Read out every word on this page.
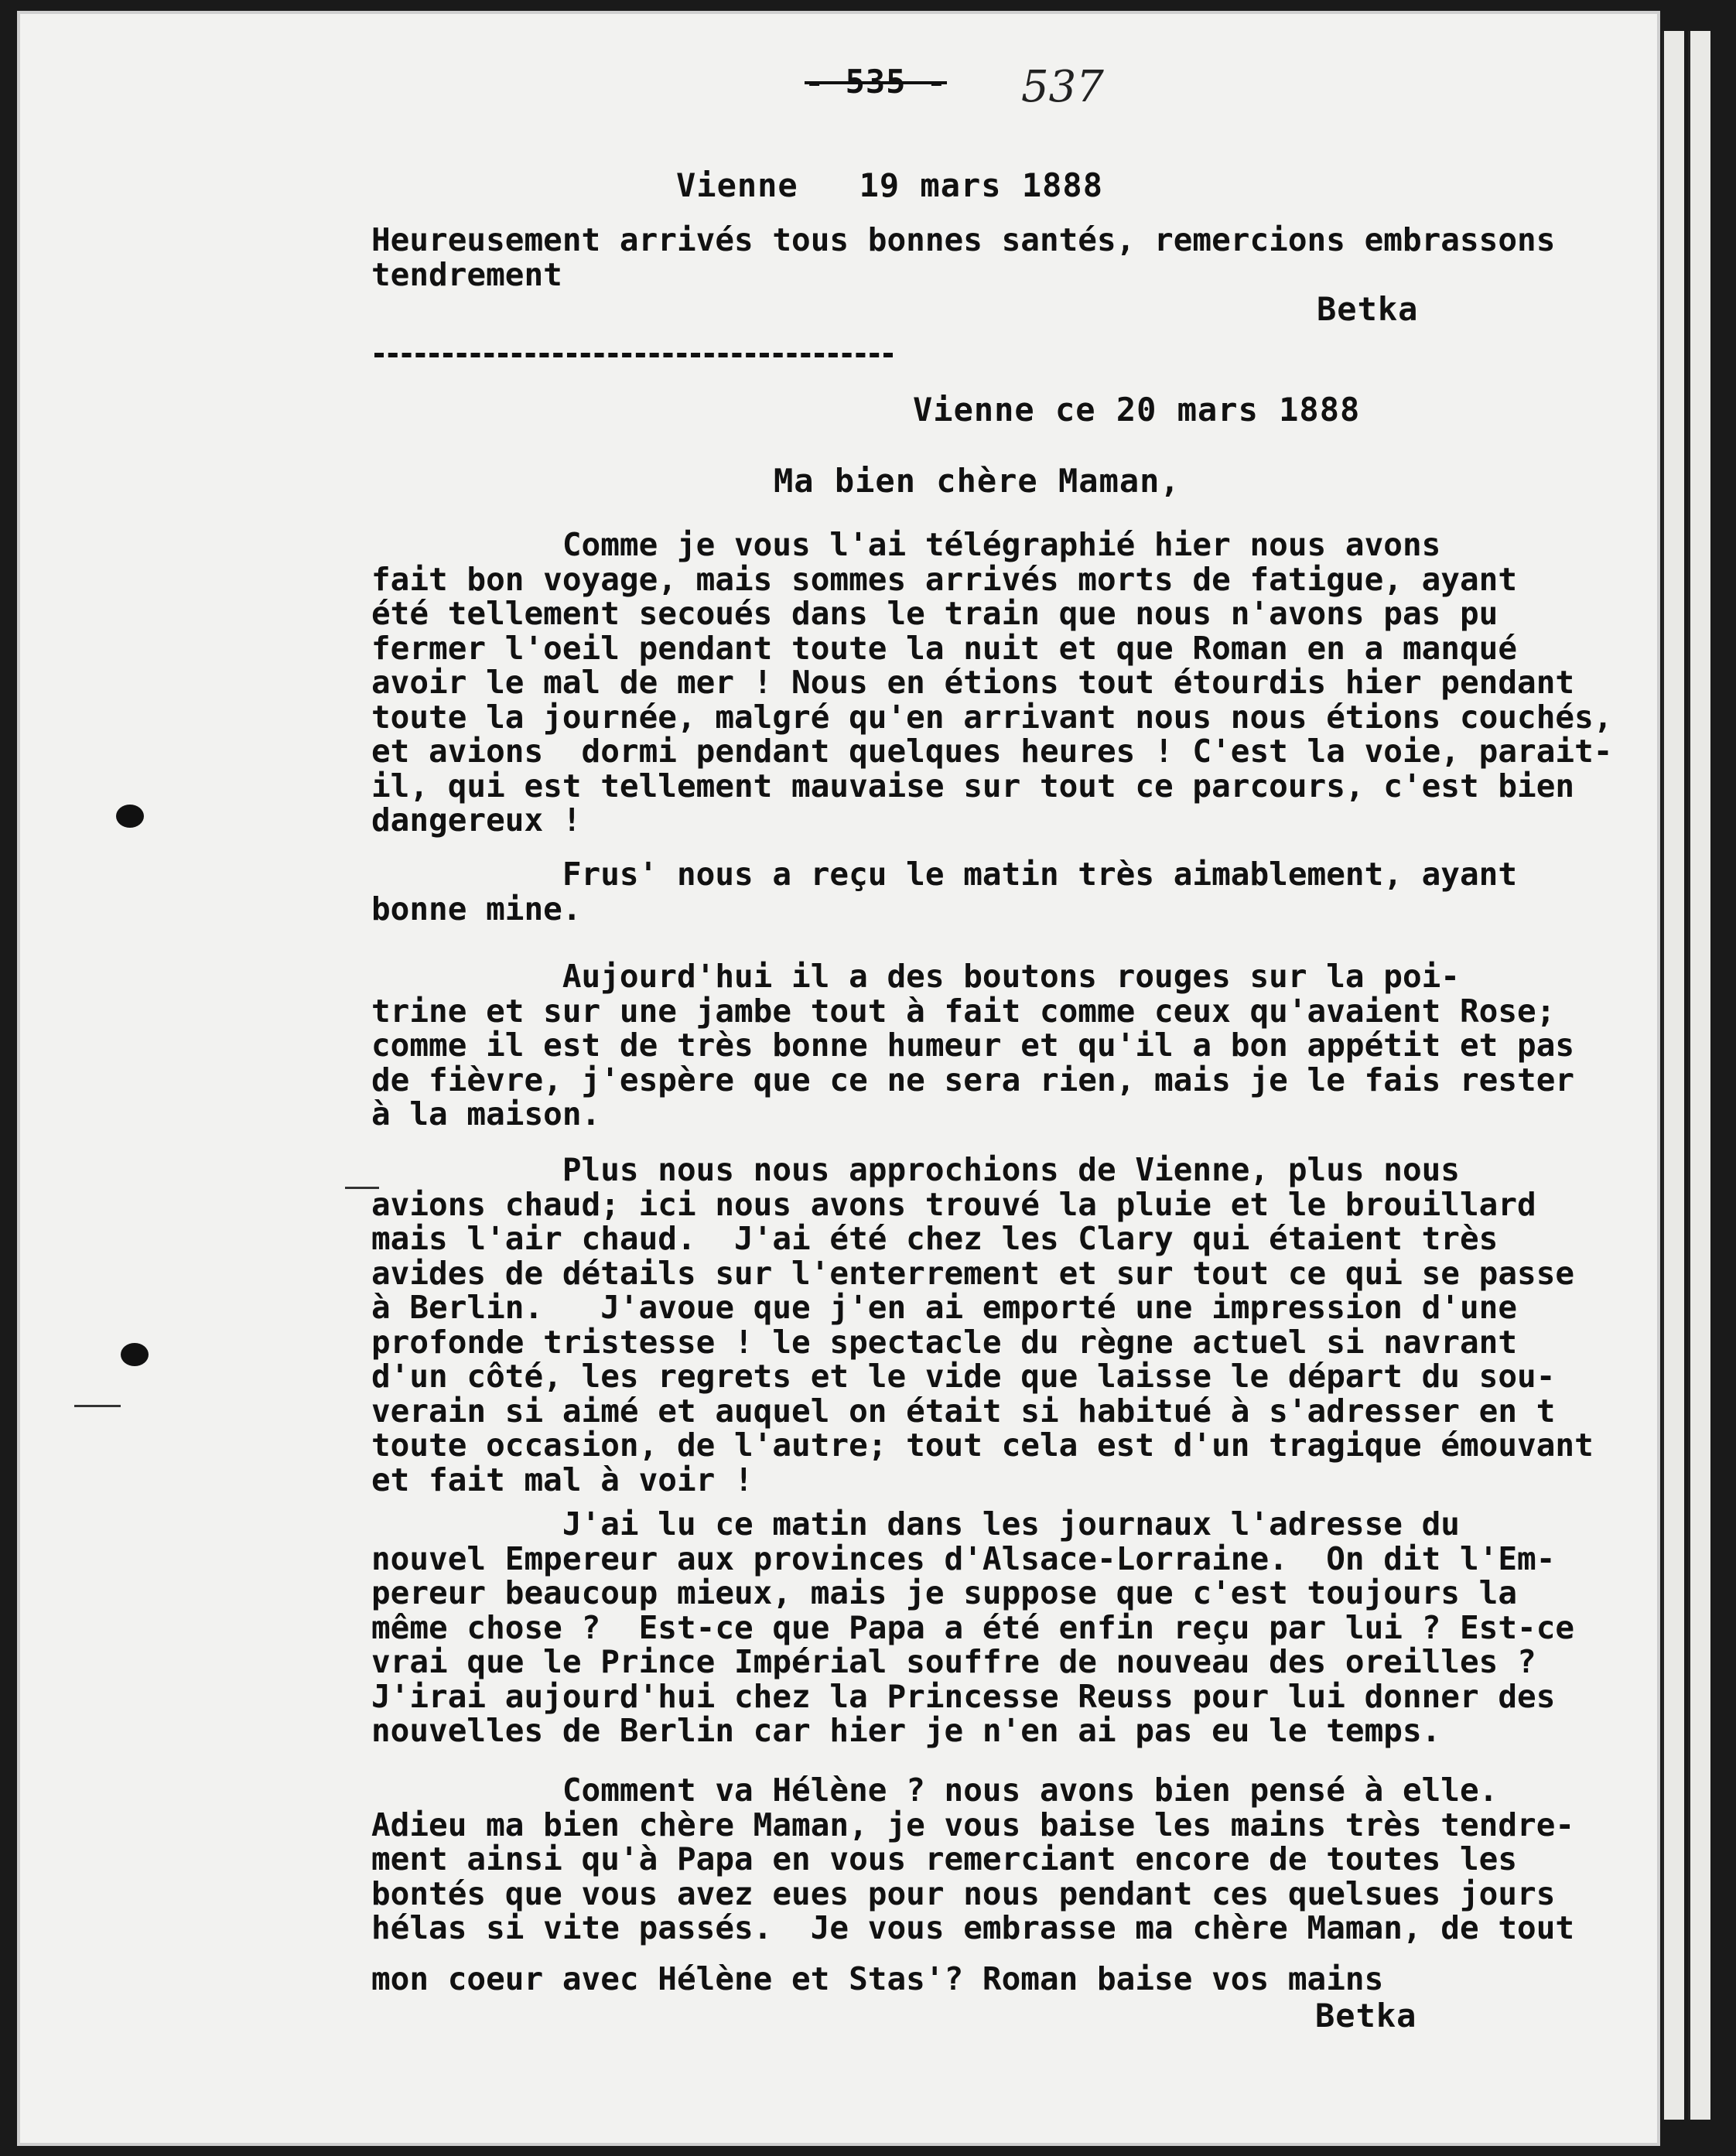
- 535 - 537
Vienne   19 mars 1888
Heureusement arrivés tous bonnes santés, remercions embrassons
tendrement
Betka
Vienne ce 20 mars 1888
Ma bien chère Maman,
Comme je vous l'ai télégraphié hier nous avons
fait bon voyage, mais sommes arrivés morts de fatigue, ayant
été tellement secoués dans le train que nous n'avons pas pu
fermer l'oeil pendant toute la nuit et que Roman en a manqué
avoir le mal de mer ! Nous en étions tout étourdis hier pendant
toute la journée, malgré qu'en arrivant nous nous étions couchés,
et avions  dormi pendant quelques heures ! C'est la voie, parait-
il, qui est tellement mauvaise sur tout ce parcours, c'est bien
dangereux !
Frus' nous a reçu le matin très aimablement, ayant
bonne mine.
Aujourd'hui il a des boutons rouges sur la poi-
trine et sur une jambe tout à fait comme ceux qu'avaient Rose;
comme il est de très bonne humeur et qu'il a bon appétit et pas
de fièvre, j'espère que ce ne sera rien, mais je le fais rester
à la maison.
Plus nous nous approchions de Vienne, plus nous
avions chaud; ici nous avons trouvé la pluie et le brouillard
mais l'air chaud.  J'ai été chez les Clary qui étaient très
avides de détails sur l'enterrement et sur tout ce qui se passe
à Berlin.   J'avoue que j'en ai emporté une impression d'une
profonde tristesse ! le spectacle du règne actuel si navrant
d'un côté, les regrets et le vide que laisse le départ du sou-
verain si aimé et auquel on était si habitué à s'adresser en t
toute occasion, de l'autre; tout cela est d'un tragique émouvant
et fait mal à voir !
J'ai lu ce matin dans les journaux l'adresse du
nouvel Empereur aux provinces d'Alsace-Lorraine.  On dit l'Em-
pereur beaucoup mieux, mais je suppose que c'est toujours la
même chose ?  Est-ce que Papa a été enfin reçu par lui ? Est-ce
vrai que le Prince Impérial souffre de nouveau des oreilles ?
J'irai aujourd'hui chez la Princesse Reuss pour lui donner des
nouvelles de Berlin car hier je n'en ai pas eu le temps.
Comment va Hélène ? nous avons bien pensé à elle.
Adieu ma bien chère Maman, je vous baise les mains très tendre-
ment ainsi qu'à Papa en vous remerciant encore de toutes les
bontés que vous avez eues pour nous pendant ces quelsues jours
hélas si vite passés.  Je vous embrasse ma chère Maman, de tout
mon coeur avec Hélène et Stas'? Roman baise vos mains
Betka
